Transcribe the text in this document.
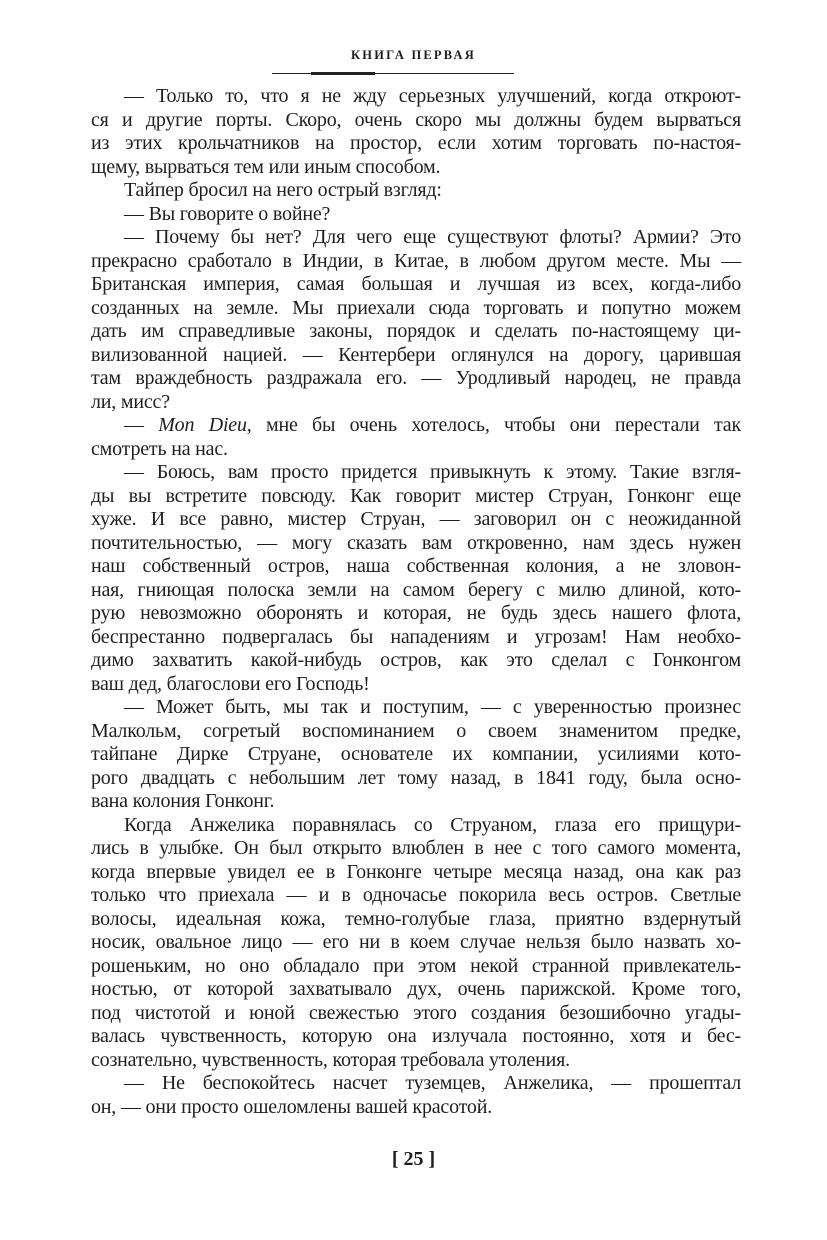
КНИГА ПЕРВАЯ
— Только то, что я не жду серьезных улучшений, когда откроют-
ся и другие порты. Скоро, очень скоро мы должны будем вырваться
из этих крольчатников на простор, если хотим торговать по-настоя-
щему, вырваться тем или иным способом.
Тайпер бросил на него острый взгляд:
— Вы говорите о войне?
— Почему бы нет? Для чего еще существуют флоты? Армии? Это
прекрасно сработало в Индии, в Китае, в любом другом месте. Мы —
Британская империя, самая большая и лучшая из всех, когда-либо
созданных на земле. Мы приехали сюда торговать и попутно можем
дать им справедливые законы, порядок и сделать по-настоящему ци-
вилизованной нацией. — Кентербери оглянулся на дорогу, царившая
там враждебность раздражала его. — Уродливый народец, не правда
ли, мисс?
— Mon Dieu, мне бы очень хотелось, чтобы они перестали так
смотреть на нас.
— Боюсь, вам просто придется привыкнуть к этому. Такие взгля-
ды вы встретите повсюду. Как говорит мистер Струан, Гонконг еще
хуже. И все равно, мистер Струан, — заговорил он с неожиданной
почтительностью, — могу сказать вам откровенно, нам здесь нужен
наш собственный остров, наша собственная колония, а не зловон-
ная, гниющая полоска земли на самом берегу с милю длиной, кото-
рую невозможно оборонять и которая, не будь здесь нашего флота,
беспрестанно подвергалась бы нападениям и угрозам! Нам необхо-
димо захватить какой-нибудь остров, как это сделал с Гонконгом
ваш дед, благослови его Господь!
— Может быть, мы так и поступим, — с уверенностью произнес
Малкольм, согретый воспоминанием о своем знаменитом предке,
тайпане Дирке Струане, основателе их компании, усилиями кото-
рого двадцать с небольшим лет тому назад, в 1841 году, была осно-
вана колония Гонконг.
Когда Анжелика поравнялась со Струаном, глаза его прищури-
лись в улыбке. Он был открыто влюблен в нее с того самого момента,
когда впервые увидел ее в Гонконге четыре месяца назад, она как раз
только что приехала — и в одночасье покорила весь остров. Светлые
волосы, идеальная кожа, темно-голубые глаза, приятно вздернутый
носик, овальное лицо — его ни в коем случае нельзя было назвать хо-
рошеньким, но оно обладало при этом некой странной привлекатель-
ностью, от которой захватывало дух, очень парижской. Кроме того,
под чистотой и юной свежестью этого создания безошибочно угады-
валась чувственность, которую она излучала постоянно, хотя и бес-
сознательно, чувственность, которая требовала утоления.
— Не беспокойтесь насчет туземцев, Анжелика, — прошептал
он, — они просто ошеломлены вашей красотой.
[ 25 ]
